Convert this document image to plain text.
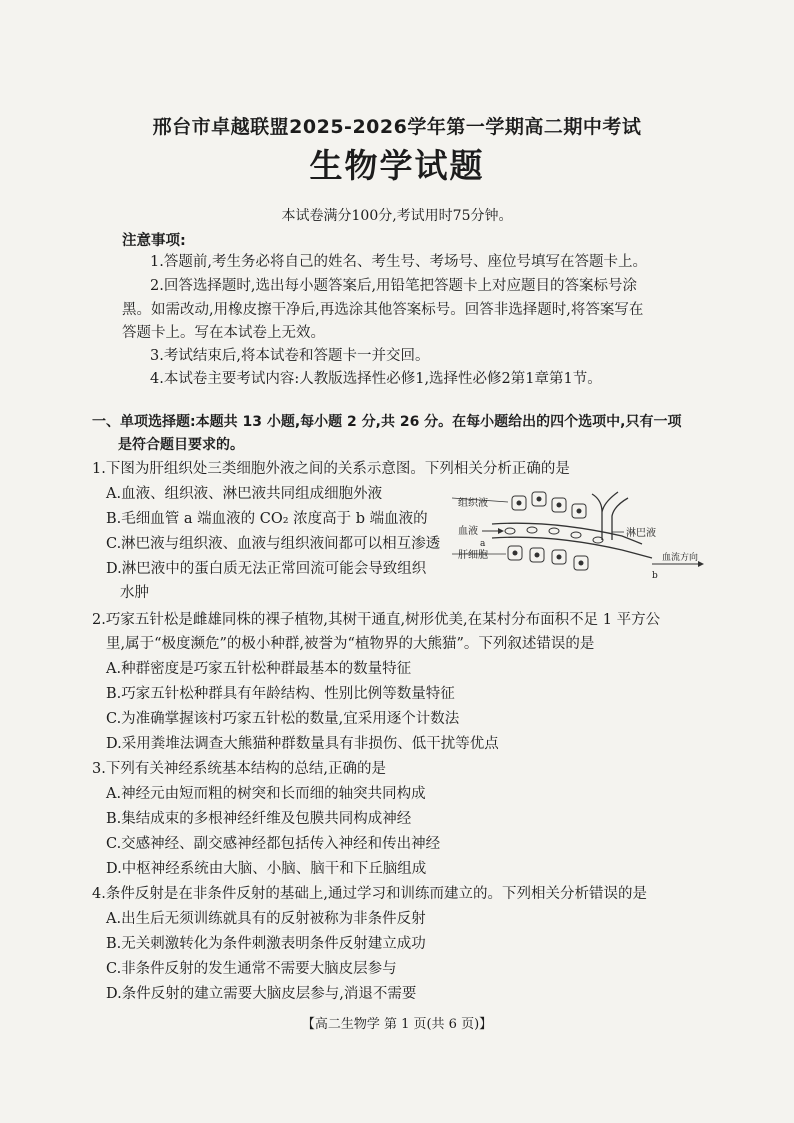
邢台市卓越联盟2025-2026学年第一学期高二期中考试
生物学试题
本试卷满分100分,考试用时75分钟。
注意事项:
1.答题前,考生务必将自己的姓名、考生号、考场号、座位号填写在答题卡上。
2.回答选择题时,选出每小题答案后,用铅笔把答题卡上对应题目的答案标号涂
黑。如需改动,用橡皮擦干净后,再选涂其他答案标号。回答非选择题时,将答案写在
答题卡上。写在本试卷上无效。
3.考试结束后,将本试卷和答题卡一并交回。
4.本试卷主要考试内容:人教版选择性必修1,选择性必修2第1章第1节。
一、单项选择题:本题共 13 小题,每小题 2 分,共 26 分。在每小题给出的四个选项中,只有一项
是符合题目要求的。
1.下图为肝组织处三类细胞外液之间的关系示意图。下列相关分析正确的是
A.血液、组织液、淋巴液共同组成细胞外液
B.毛细血管 a 端血液的 CO₂ 浓度高于 b 端血液的
C.淋巴液与组织液、血液与组织液间都可以相互渗透
D.淋巴液中的蛋白质无法正常回流可能会导致组织
水肿
组织液
血液
a
肝细胞
淋巴液
b
血流方向
2.巧家五针松是雌雄同株的裸子植物,其树干通直,树形优美,在某村分布面积不足 1 平方公
里,属于“极度濒危”的极小种群,被誉为“植物界的大熊猫”。下列叙述错误的是
A.种群密度是巧家五针松种群最基本的数量特征
B.巧家五针松种群具有年龄结构、性别比例等数量特征
C.为准确掌握该村巧家五针松的数量,宜采用逐个计数法
D.采用粪堆法调查大熊猫种群数量具有非损伤、低干扰等优点
3.下列有关神经系统基本结构的总结,正确的是
A.神经元由短而粗的树突和长而细的轴突共同构成
B.集结成束的多根神经纤维及包膜共同构成神经
C.交感神经、副交感神经都包括传入神经和传出神经
D.中枢神经系统由大脑、小脑、脑干和下丘脑组成
4.条件反射是在非条件反射的基础上,通过学习和训练而建立的。下列相关分析错误的是
A.出生后无须训练就具有的反射被称为非条件反射
B.无关刺激转化为条件刺激表明条件反射建立成功
C.非条件反射的发生通常不需要大脑皮层参与
D.条件反射的建立需要大脑皮层参与,消退不需要
【高二生物学 第 1 页(共 6 页)】
